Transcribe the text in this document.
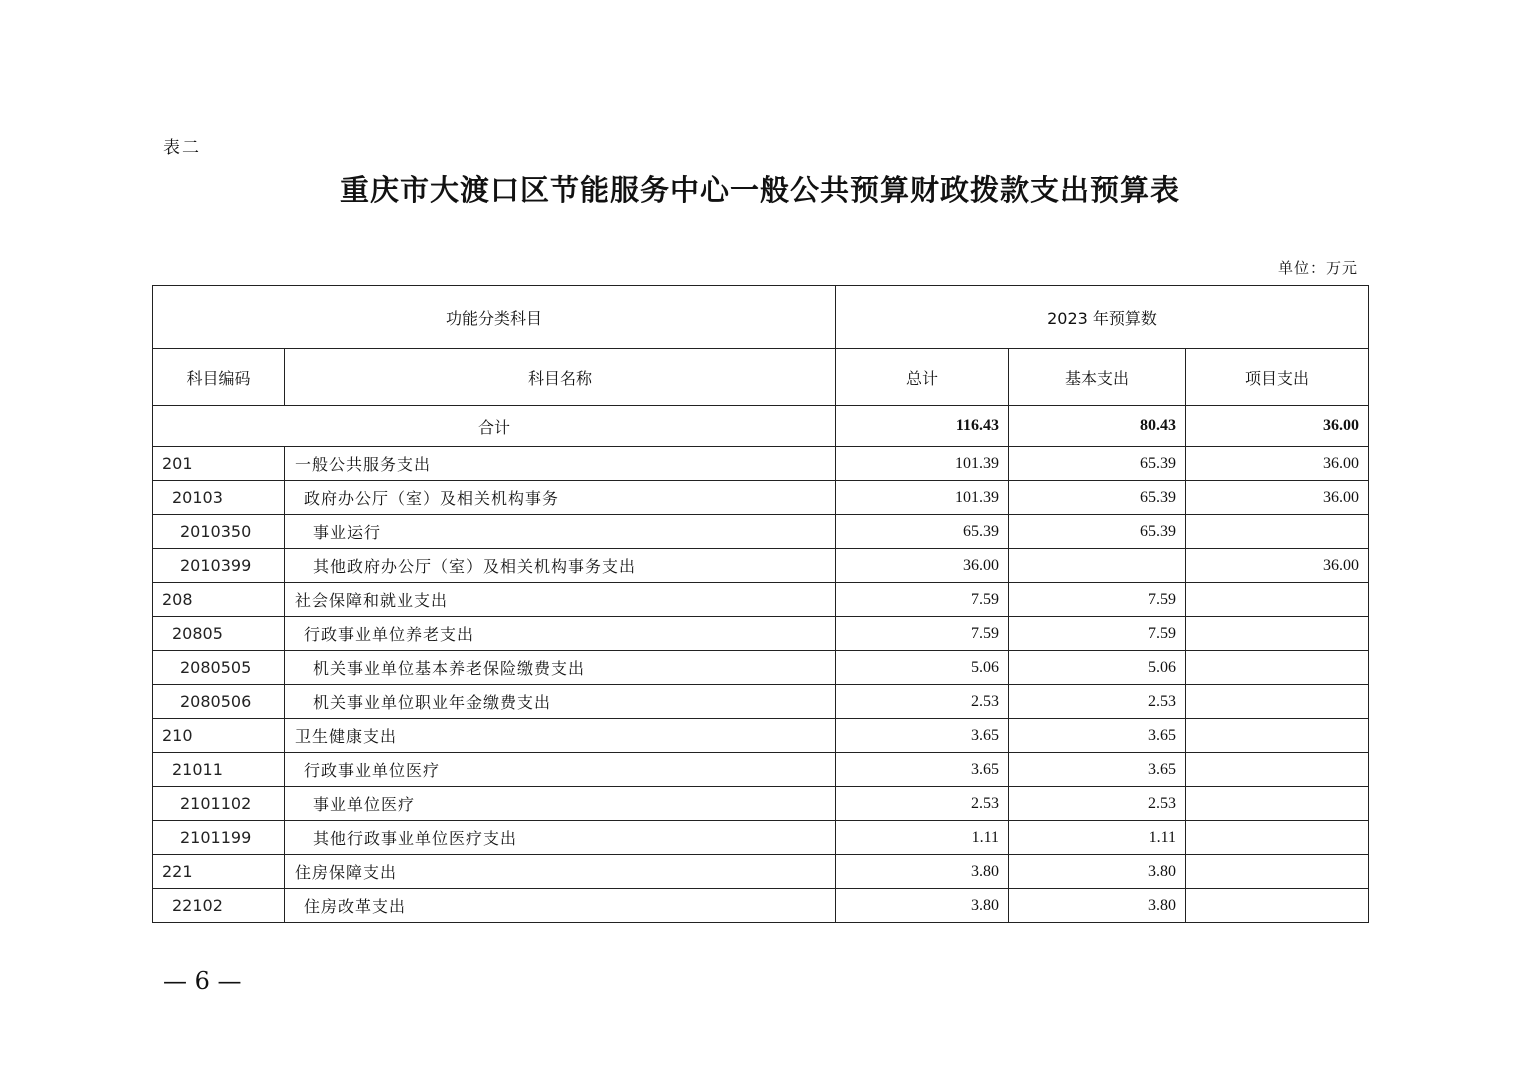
表二
重庆市大渡口区节能服务中心一般公共预算财政拨款支出预算表
单位：万元
功能分类科目		2023 年预算数		
科目编码	科目名称	总计	基本支出	项目支出
合计		116.43	80.43	36.00
201	一般公共服务支出	101.39	65.39	36.00
20103	政府办公厅（室）及相关机构事务	101.39	65.39	36.00
2010350	事业运行	65.39	65.39	
2010399	其他政府办公厅（室）及相关机构事务支出	36.00		36.00
208	社会保障和就业支出	7.59	7.59	
20805	行政事业单位养老支出	7.59	7.59	
2080505	机关事业单位基本养老保险缴费支出	5.06	5.06	
2080506	机关事业单位职业年金缴费支出	2.53	2.53	
210	卫生健康支出	3.65	3.65	
21011	行政事业单位医疗	3.65	3.65	
2101102	事业单位医疗	2.53	2.53	
2101199	其他行政事业单位医疗支出	1.11	1.11	
221	住房保障支出	3.80	3.80	
22102	住房改革支出	3.80	3.80	
— 6 —
